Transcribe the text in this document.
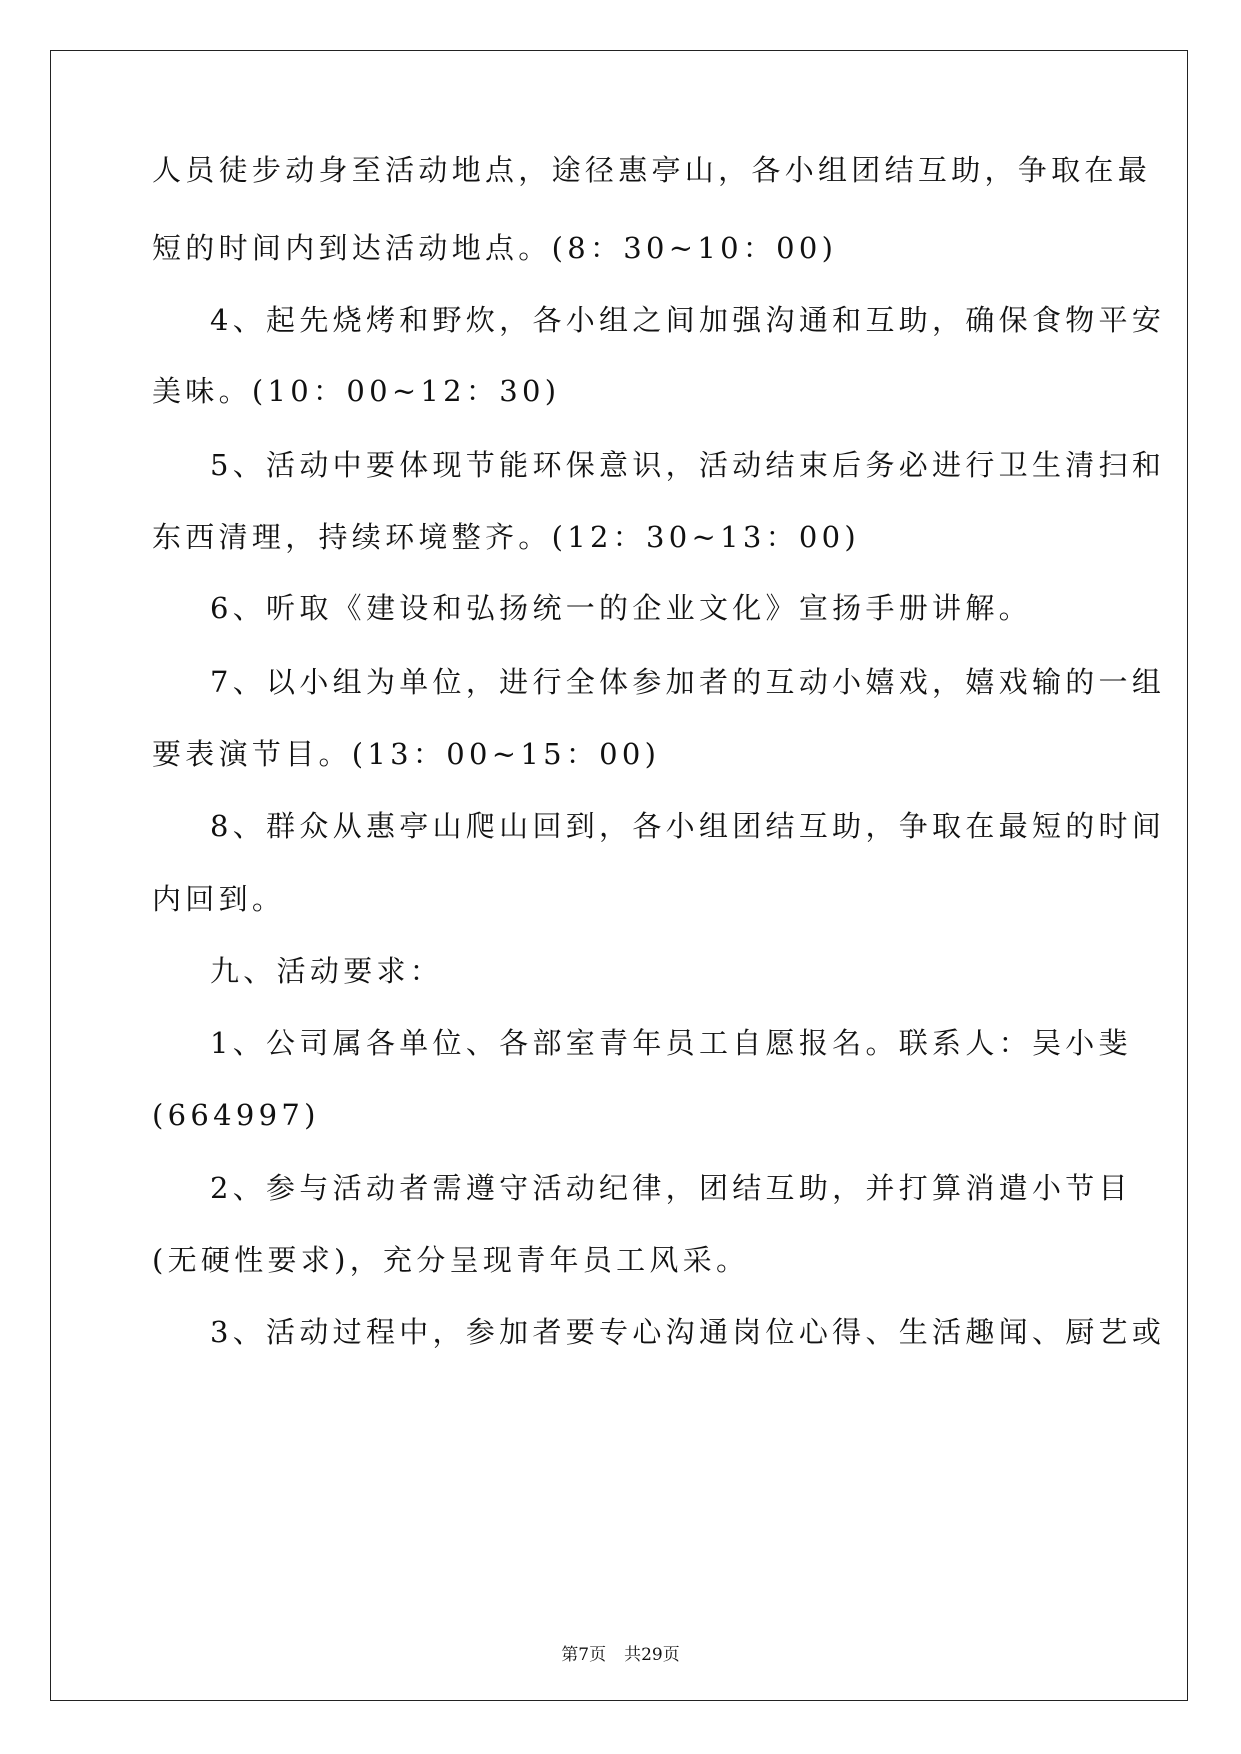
人员徒步动身至活动地点，途径惠亭山，各小组团结互助，争取在最
短的时间内到达活动地点。(8：30~10：00)
4、起先烧烤和野炊，各小组之间加强沟通和互助，确保食物平安
美味。(10：00~12：30)
5、活动中要体现节能环保意识，活动结束后务必进行卫生清扫和
东西清理，持续环境整齐。(12：30~13：00)
6、听取《建设和弘扬统一的企业文化》宣扬手册讲解。
7、以小组为单位，进行全体参加者的互动小嬉戏，嬉戏输的一组
要表演节目。(13：00~15：00)
8、群众从惠亭山爬山回到，各小组团结互助，争取在最短的时间
内回到。
九、活动要求：
1、公司属各单位、各部室青年员工自愿报名。联系人：吴小斐
(664997)
2、参与活动者需遵守活动纪律，团结互助，并打算消遣小节目
(无硬性要求)，充分呈现青年员工风采。
3、活动过程中，参加者要专心沟通岗位心得、生活趣闻、厨艺或
第7页 共29页
